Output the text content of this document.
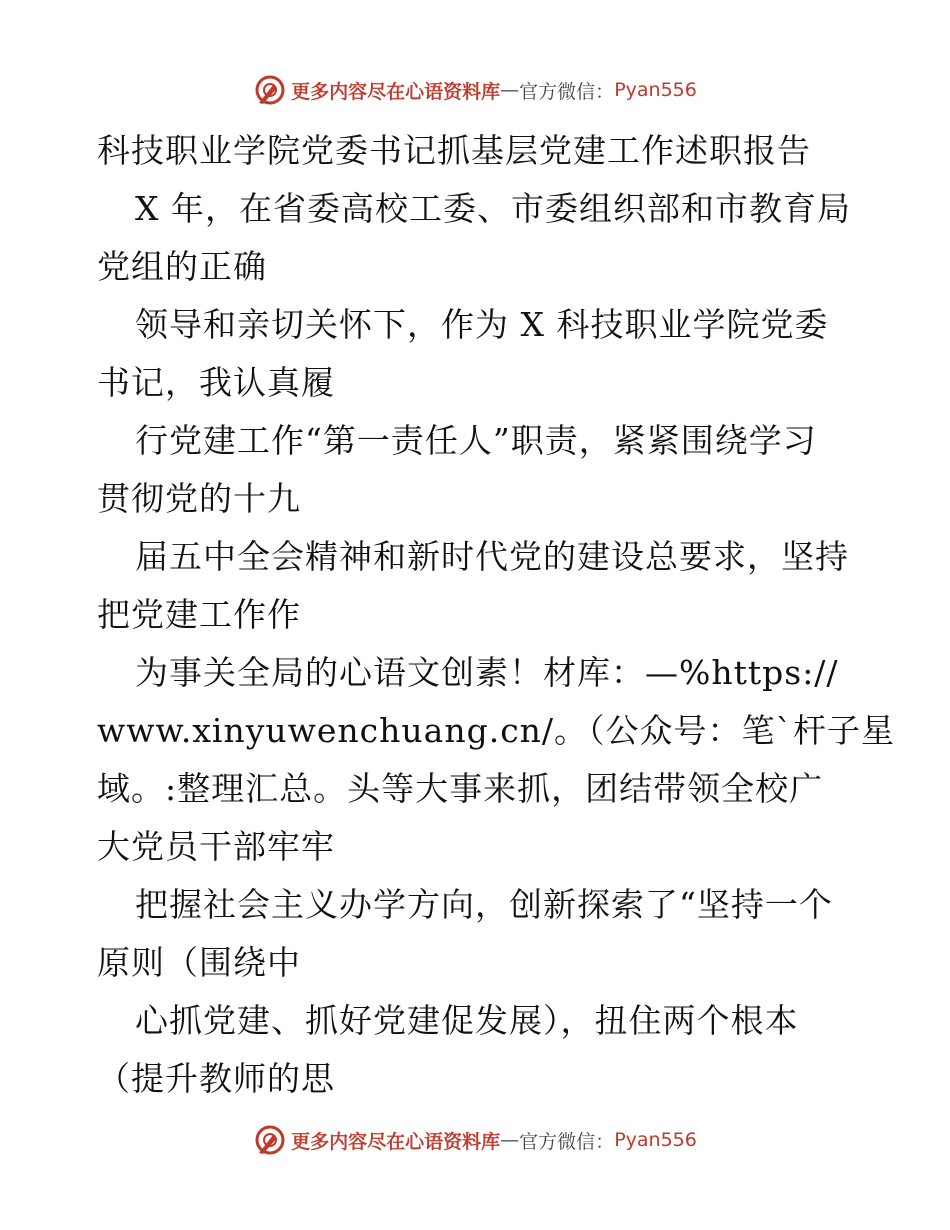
更多内容尽在心语资料库 — 官方微信： Pyan556
科技职业学院党委书记抓基层党建工作述职报告
X 年，在省委高校工委、市委组织部和市教育局
党组的正确
领导和亲切关怀下，作为 X 科技职业学院党委
书记，我认真履
行党建工作“第一责任人”职责，紧紧围绕学习
贯彻党的十九
届五中全会精神和新时代党的建设总要求，坚持
把党建工作作
为事关全局的心语文创素！材库：—%https://
www.xinyuwenchuang.cn/。（公众号：笔`杆子星
域。:整理汇总。头等大事来抓，团结带领全校广
大党员干部牢牢
把握社会主义办学方向，创新探索了“坚持一个
原则（围绕中
心抓党建、抓好党建促发展），扭住两个根本
（提升教师的思
更多内容尽在心语资料库 — 官方微信： Pyan556
